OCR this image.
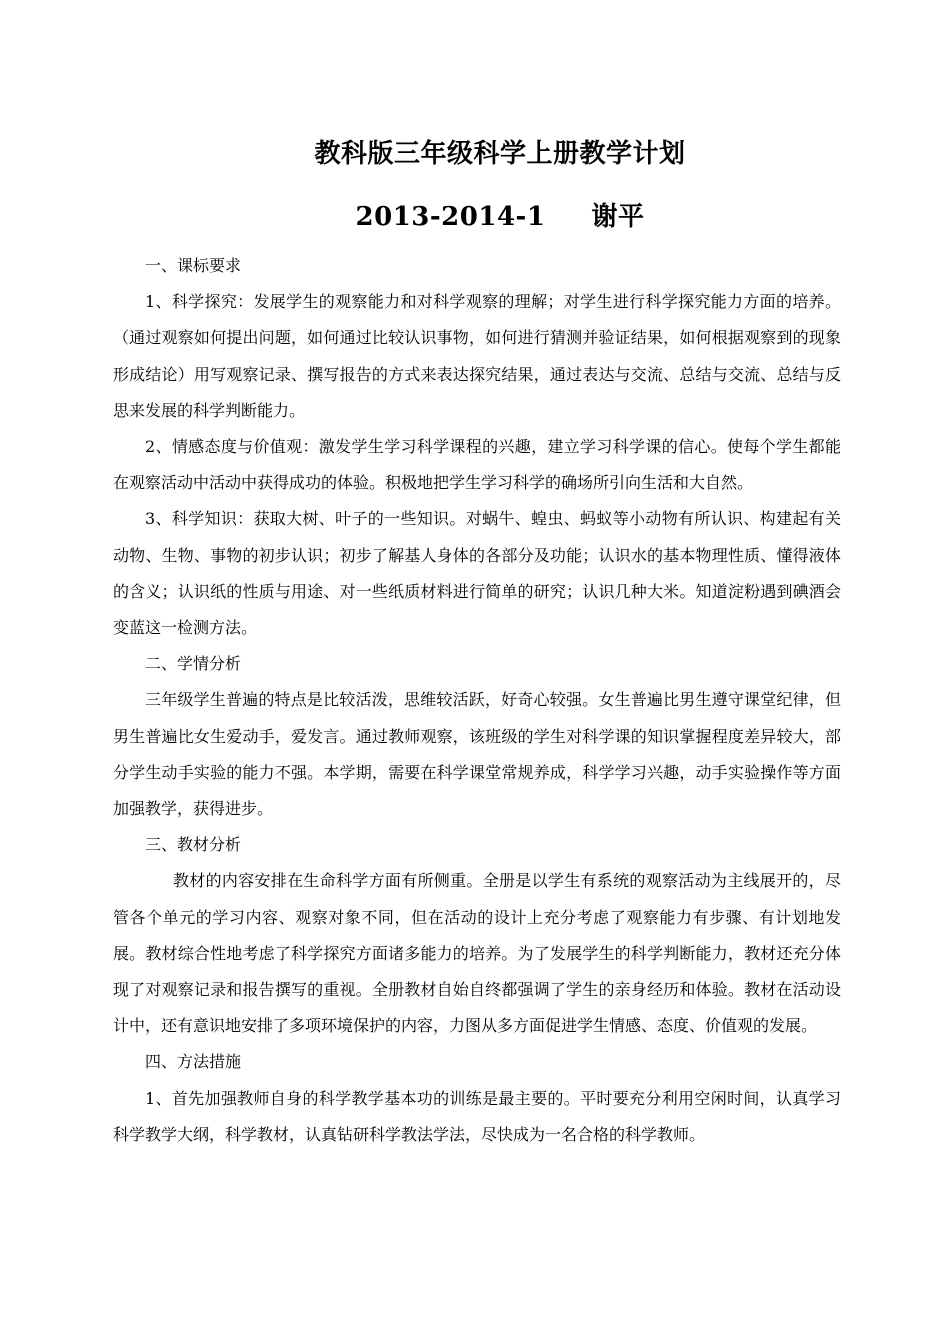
教科版三年级科学上册教学计划
2013-2014-1 谢平

一、课标要求

1、科学探究：发展学生的观察能力和对科学观察的理解；对学生进行科学探究能力方面的培养。（通过观察如何提出问题，如何通过比较认识事物，如何进行猜测并验证结果，如何根据观察到的现象形成结论）用写观察记录、撰写报告的方式来表达探究结果，通过表达与交流、总结与交流、总结与反思来发展的科学判断能力。

2、情感态度与价值观：激发学生学习科学课程的兴趣，建立学习科学课的信心。使每个学生都能在观察活动中活动中获得成功的体验。积极地把学生学习科学的确场所引向生活和大自然。

3、科学知识：获取大树、叶子的一些知识。对蜗牛、蝗虫、蚂蚁等小动物有所认识、构建起有关动物、生物、事物的初步认识；初步了解基人身体的各部分及功能；认识水的基本物理性质、懂得液体的含义；认识纸的性质与用途、对一些纸质材料进行简单的研究；认识几种大米。知道淀粉遇到碘酒会变蓝这一检测方法。

二、学情分析

三年级学生普遍的特点是比较活泼，思维较活跃，好奇心较强。女生普遍比男生遵守课堂纪律，但男生普遍比女生爱动手，爱发言。通过教师观察，该班级的学生对科学课的知识掌握程度差异较大，部分学生动手实验的能力不强。本学期，需要在科学课堂常规养成，科学学习兴趣，动手实验操作等方面加强教学，获得进步。

三、教材分析

教材的内容安排在生命科学方面有所侧重。全册是以学生有系统的观察活动为主线展开的，尽管各个单元的学习内容、观察对象不同，但在活动的设计上充分考虑了观察能力有步骤、有计划地发展。教材综合性地考虑了科学探究方面诸多能力的培养。为了发展学生的科学判断能力，教材还充分体现了对观察记录和报告撰写的重视。全册教材自始自终都强调了学生的亲身经历和体验。教材在活动设计中，还有意识地安排了多项环境保护的内容，力图从多方面促进学生情感、态度、价值观的发展。

四、方法措施

1、首先加强教师自身的科学教学基本功的训练是最主要的。平时要充分利用空闲时间，认真学习科学教学大纲，科学教材，认真钻研科学教法学法，尽快成为一名合格的科学教师。
